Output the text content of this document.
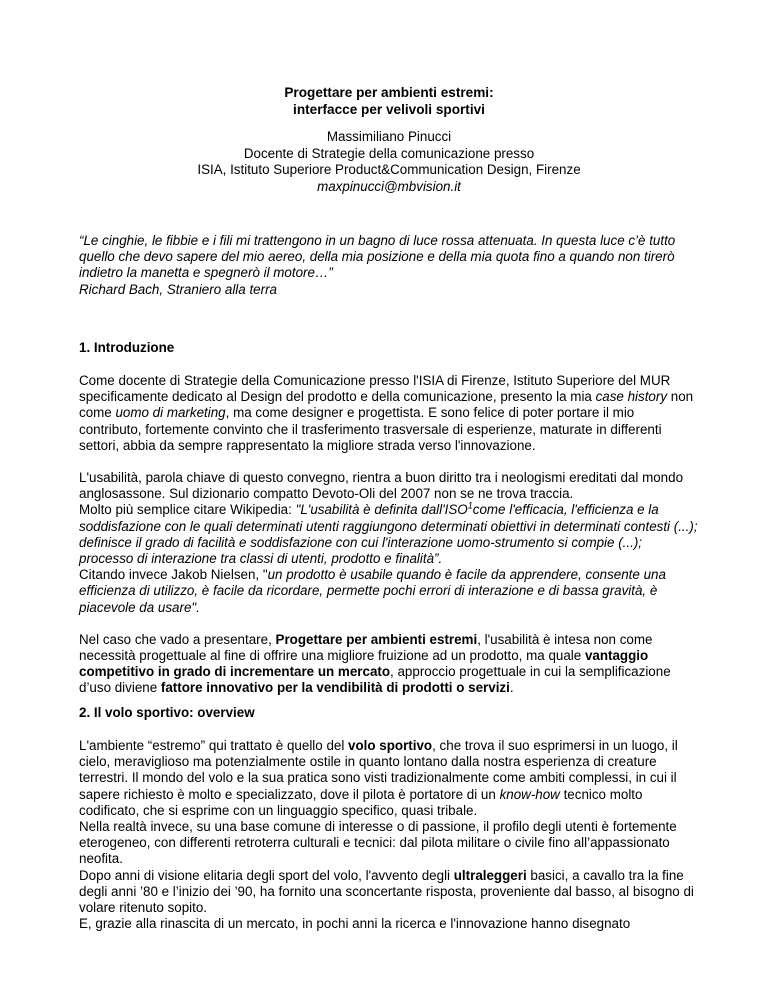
Progettare per ambienti estremi:
interfacce per velivoli sportivi
Massimiliano Pinucci
Docente di Strategie della comunicazione presso
ISIA, Istituto Superiore Product&Communication Design, Firenze
maxpinucci@mbvision.it
“Le cinghie, le fibbie e i fili mi trattengono in un bagno di luce rossa attenuata. In questa luce c’è tutto quello che devo sapere del mio aereo, della mia posizione e della mia quota fino a quando non tirerò indietro la manetta e spegnerò il motore…”
Richard Bach, Straniero alla terra
1. Introduzione

Come docente di Strategie della Comunicazione presso l'ISIA di Firenze, Istituto Superiore del MUR specificamente dedicato al Design del prodotto e della comunicazione, presento la mia case history non come uomo di marketing, ma come designer e progettista. E sono felice di poter portare il mio contributo, fortemente convinto che il trasferimento trasversale di esperienze, maturate in differenti settori, abbia da sempre rappresentato la migliore strada verso l'innovazione.

L'usabilità, parola chiave di questo convegno, rientra a buon diritto tra i neologismi ereditati dal mondo anglosassone. Sul dizionario compatto Devoto-Oli del 2007 non se ne trova traccia.
Molto più semplice citare Wikipedia: "L'usabilità è definita dall'ISO$^1$come l'efficacia, l'efficienza e la soddisfazione con le quali determinati utenti raggiungono determinati obiettivi in determinati contesti (...); definisce il grado di facilità e soddisfazione con cui l'interazione uomo-strumento si compie (...); processo di interazione tra classi di utenti, prodotto e finalità”.
Citando invece Jakob Nielsen, "un prodotto è usabile quando è facile da apprendere, consente una efficienza di utilizzo, è facile da ricordare, permette pochi errori di interazione e di bassa gravità, è piacevole da usare".

Nel caso che vado a presentare, Progettare per ambienti estremi, l'usabilità è intesa non come necessità progettuale al fine di offrire una migliore fruizione ad un prodotto, ma quale vantaggio competitivo in grado di incrementare un mercato, approccio progettuale in cui la semplificazione d’uso diviene fattore innovativo per la vendibilità di prodotti o servizi.

2. Il volo sportivo: overview

L'ambiente “estremo” qui trattato è quello del volo sportivo, che trova il suo esprimersi in un luogo, il cielo, meraviglioso ma potenzialmente ostile in quanto lontano dalla nostra esperienza di creature terrestri. Il mondo del volo e la sua pratica sono visti tradizionalmente come ambiti complessi, in cui il sapere richiesto è molto e specializzato, dove il pilota è portatore di un know-how tecnico molto codificato, che si esprime con un linguaggio specifico, quasi tribale.
Nella realtà invece, su una base comune di interesse o di passione, il profilo degli utenti è fortemente eterogeneo, con differenti retroterra culturali e tecnici: dal pilota militare o civile fino all’appassionato neofita.
Dopo anni di visione elitaria degli sport del volo, l'avvento degli ultraleggeri basici, a cavallo tra la fine degli anni ’80 e l’inizio dei ’90, ha fornito una sconcertante risposta, proveniente dal basso, al bisogno di volare ritenuto sopito.
E, grazie alla rinascita di un mercato, in pochi anni la ricerca e l'innovazione hanno disegnato
